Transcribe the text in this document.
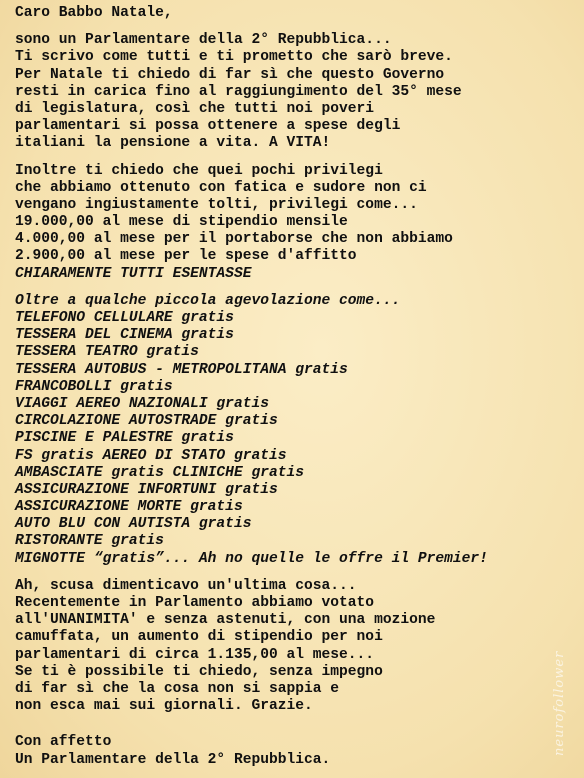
Caro Babbo Natale,
sono un Parlamentare della 2° Repubblica...
Ti scrivo come tutti e ti prometto che sarò breve.
Per Natale ti chiedo di far sì che questo Governo
resti in carica fino al raggiungimento del 35° mese
di legislatura, così che tutti noi poveri
parlamentari si possa ottenere a spese degli
italiani la pensione a vita. A VITA!
Inoltre ti chiedo che quei pochi privilegi
che abbiamo ottenuto con fatica e sudore non ci
vengano ingiustamente tolti, privilegi come...
19.000,00 al mese di stipendio mensile
4.000,00 al mese per il portaborse che non abbiamo
2.900,00 al mese per le spese d'affitto
CHIARAMENTE TUTTI ESENTASSE
Oltre a qualche piccola agevolazione come...
TELEFONO CELLULARE gratis
TESSERA DEL CINEMA gratis
TESSERA TEATRO gratis
TESSERA AUTOBUS - METROPOLITANA gratis
FRANCOBOLLI gratis
VIAGGI AEREO NAZIONALI gratis
CIRCOLAZIONE AUTOSTRADE gratis
PISCINE E PALESTRE gratis
FS gratis AEREO DI STATO gratis
AMBASCIATE gratis CLINICHE gratis
ASSICURAZIONE INFORTUNI gratis
ASSICURAZIONE MORTE gratis
AUTO BLU CON AUTISTA gratis
RISTORANTE gratis
MIGNOTTE “gratis”... Ah no quelle le offre il Premier!
Ah, scusa dimenticavo un'ultima cosa...
Recentemente in Parlamento abbiamo votato
all'UNANIMITA' e senza astenuti, con una mozione
camuffata, un aumento di stipendio per noi
parlamentari di circa 1.135,00 al mese...
Se ti è possibile ti chiedo, senza impegno
di far sì che la cosa non si sappia e
non esca mai sui giornali. Grazie.
Con affetto
Un Parlamentare della 2° Repubblica.
neurofollower
